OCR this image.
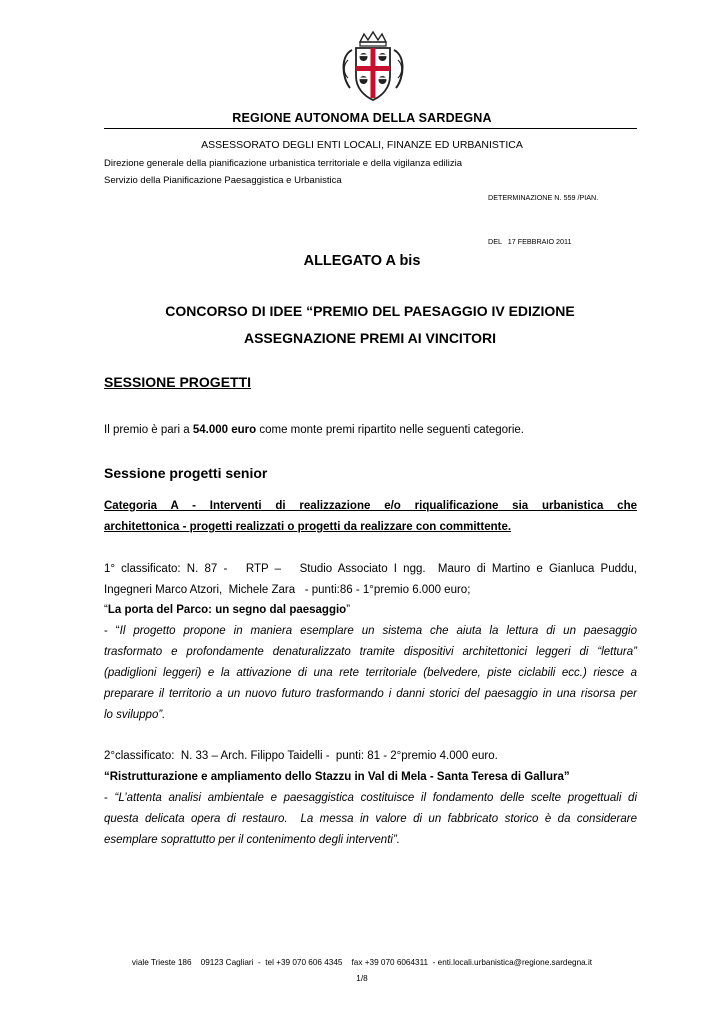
REGIONE AUTONOMA DELLA SARDEGNA
ASSESSORATO DEGLI ENTI LOCALI, FINANZE ED URBANISTICA
Direzione generale della pianificazione urbanistica territoriale e della vigilanza edilizia
Servizio della Pianificazione Paesaggistica e Urbanistica
DETERMINAZIONE N. 559 /PIAN.
DEL   17 FEBBRAIO 2011
ALLEGATO A bis
CONCORSO DI IDEE “PREMIO DEL PAESAGGIO IV EDIZIONE
ASSEGNAZIONE PREMI AI VINCITORI
SESSIONE PROGETTI
Il premio è pari a 54.000 euro come monte premi ripartito nelle seguenti categorie.
Sessione progetti senior
Categoria A - Interventi di realizzazione e/o riqualificazione sia urbanistica che
architettonica - progetti realizzati o progetti da realizzare con committente.
1° classificato: N. 87 -   RTP –   Studio Associato I ngg.  Mauro di Martino e Gianluca Puddu,
Ingegneri Marco Atzori,  Michele Zara   - punti:86 - 1°premio 6.000 euro;
“La porta del Parco: un segno dal paesaggio”
- “Il progetto propone in maniera esemplare un sistema che aiuta la lettura di un paesaggio
trasformato e profondamente denaturalizzato tramite dispositivi architettonici leggeri di “lettura”
(padiglioni leggeri) e la attivazione di una rete territoriale (belvedere, piste ciclabili ecc.) riesce a
preparare il territorio a un nuovo futuro trasformando i danni storici del paesaggio in una risorsa per
lo sviluppo”.
2°classificato:  N. 33 – Arch. Filippo Taidelli -  punti: 81 - 2°premio 4.000 euro.
“Ristrutturazione e ampliamento dello Stazzu in Val di Mela - Santa Teresa di Gallura”
- “L’attenta analisi ambientale e paesaggistica costituisce il fondamento delle scelte progettuali di
questa delicata opera di restauro.  La messa in valore di un fabbricato storico è da considerare
esemplare soprattutto per il contenimento degli interventi”.
viale Trieste 186    09123 Cagliari  -  tel +39 070 606 4345    fax +39 070 6064311  - enti.locali.urbanistica@regione.sardegna.it
1/8
